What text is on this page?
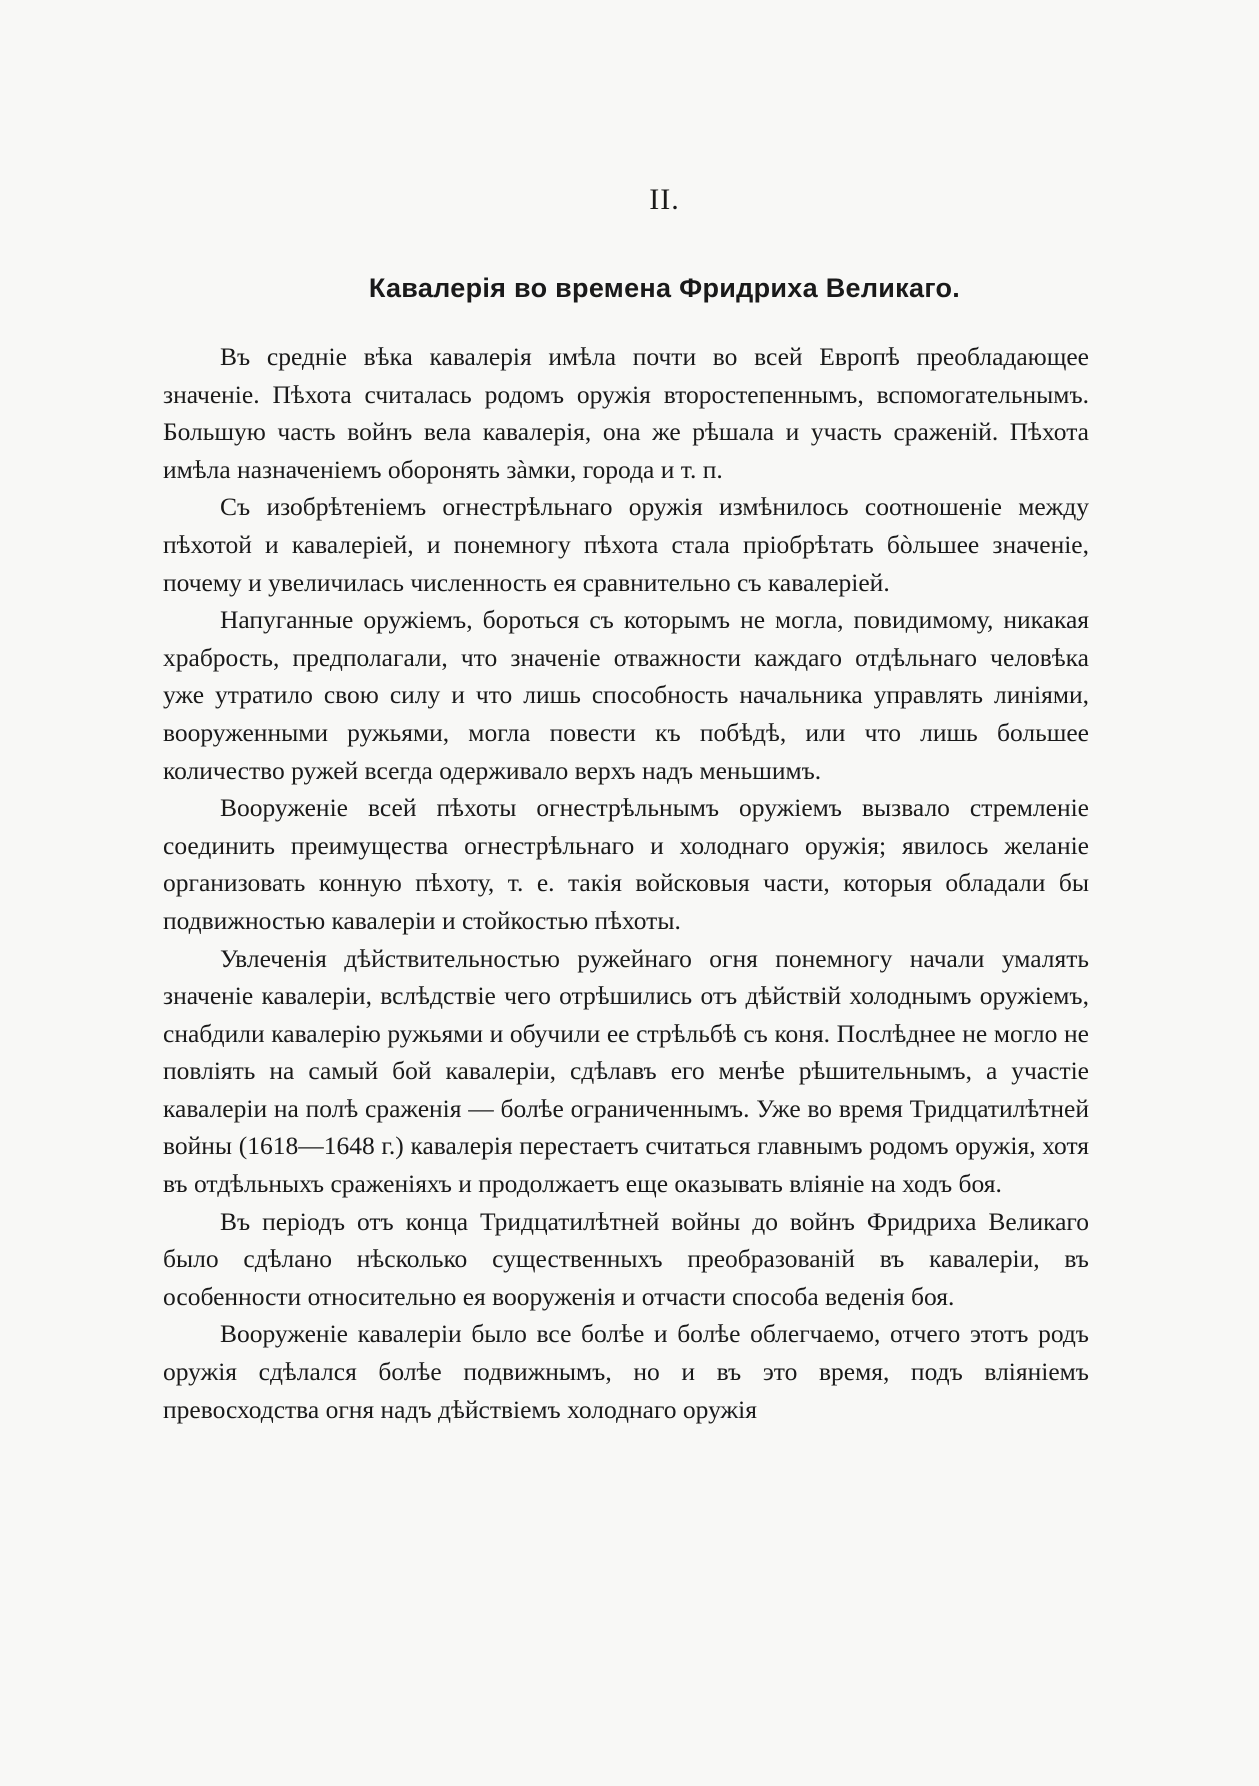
II.
Кавалерія во времена Фридриха Великаго.

Въ средніе вѣка кавалерія имѣла почти во всей Европѣ преобладающее значеніе. Пѣхота считалась родомъ оружія второстепеннымъ, вспомогательнымъ. Большую часть войнъ вела кавалерія, она же рѣшала и участь сраженій. Пѣхота имѣла назначеніемъ оборонять зàмки, города и т. п.

Съ изобрѣтеніемъ огнестрѣльнаго оружія измѣнилось соотношеніе между пѣхотой и кавалеріей, и понемногу пѣхота стала пріобрѣтать бòльшее значеніе, почему и увеличилась численность ея сравнительно съ кавалеріей.

Напуганные оружіемъ, бороться съ которымъ не могла, повидимому, никакая храбрость, предполагали, что значеніе отважности каждаго отдѣльнаго человѣка уже утратило свою силу и что лишь способность начальника управлять линіями, вооруженными ружьями, могла повести къ побѣдѣ, или что лишь большее количество ружей всегда одерживало верхъ надъ меньшимъ.

Вооруженіе всей пѣхоты огнестрѣльнымъ оружіемъ вызвало стремленіе соединить преимущества огнестрѣльнаго и холоднаго оружія; явилось желаніе организовать конную пѣхоту, т. е. такія войсковыя части, которыя обладали бы подвижностью кавалеріи и стойкостью пѣхоты.

Увлеченія дѣйствительностью ружейнаго огня понемногу начали умалять значеніе кавалеріи, вслѣдствіе чего отрѣшились отъ дѣйствій холоднымъ оружіемъ, снабдили кавалерію ружьями и обучили ее стрѣльбѣ съ коня. Послѣднее не могло не повліять на самый бой кавалеріи, сдѣлавъ его менѣе рѣшительнымъ, а участіе кавалеріи на полѣ сраженія — болѣе ограниченнымъ. Уже во время Тридцатилѣтней войны (1618—1648 г.) кавалерія перестаетъ считаться главнымъ родомъ оружія, хотя въ отдѣльныхъ сраженіяхъ и продолжаетъ еще оказывать вліяніе на ходъ боя.

Въ періодъ отъ конца Тридцатилѣтней войны до войнъ Фридриха Великаго было сдѣлано нѣсколько существенныхъ преобразованій въ кавалеріи, въ особенности относительно ея вооруженія и отчасти способа веденія боя.

Вооруженіе кавалеріи было все болѣе и болѣе облегчаемо, отчего этотъ родъ оружія сдѣлался болѣе подвижнымъ, но и въ это время, подъ вліяніемъ превосходства огня надъ дѣйствіемъ холоднаго оружія
